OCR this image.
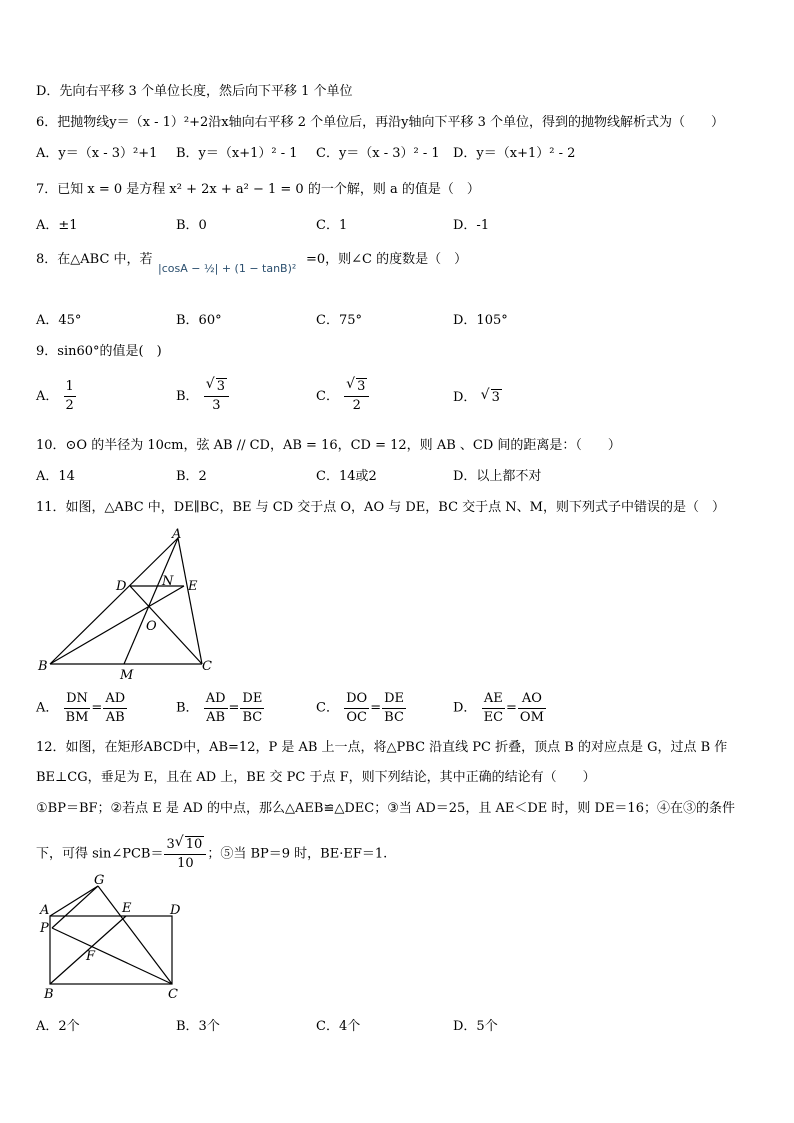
D．先向右平移 3 个单位长度，然后向下平移 1 个单位
6．把抛物线y＝（x - 1）²+2沿x轴向右平移 2 个单位后，再沿y轴向下平移 3 个单位，得到的抛物线解析式为（　　）
A．y＝（x - 3）²+1 B．y＝（x+1）² - 1 C．y＝（x - 3）² - 1 D．y＝（x+1）² - 2
7．已知 x = 0 是方程 x² + 2x + a² − 1 = 0 的一个解，则 a 的值是（　）
A．±1	B．0	C．1	D．-1
8．在△ABC 中，若
|cosA − ½| + (1 − tanB)²
=0，则∠C 的度数是（　）
A．45°	B．60°	C．75°	D．105°
9．sin60°的值是(　)
A． $\frac{1}{2}$	B． √ $\frac{3}{3}$	C． √ $\frac{3}{2}$	D． √ 3
10．⊙O 的半径为 10cm，弦 AB // CD，AB = 16，CD = 12，则 AB 、CD 间的距离是：（　　）
A．14	B．2	C．14或2	D．以上都不对
11．如图，△ABC 中，DE∥BC，BE 与 CD 交于点 O，AO 与 DE，BC 交于点 N、M，则下列式子中错误的是（　）
A
D	N E
O
B
M
C
A． $\frac{DN}{BM} = \frac{AD}{AB}$	B． $\frac{AD}{AB} = \frac{DE}{BC}$	C． $\frac{DO}{OC} = \frac{DE}{BC}$	D． $\frac{AE}{EC} = \frac{AO}{OM}$
12．如图，在矩形ABCD中，AB=12，P 是 AB 上一点，将△PBC 沿直线 PC 折叠，顶点 B 的对应点是 G，过点 B 作
BE⊥CG，垂足为 E，且在 AD 上，BE 交 PC 于点 F，则下列结论，其中正确的结论有（　　）
①BP＝BF；②若点 E 是 AD 的中点，那么△AEB≌△DEC；③当 AD＝25，且 AE＜DE 时，则 DE＝16；④在③的条件
下，可得 sin∠PCB＝ $\frac{3 √ 10}{10}$ ；⑤当 BP＝9 时，BE·EF＝1.
G
A	E	D
P
F
B	C
A．2个	B．3个	C．4个	D．5个
